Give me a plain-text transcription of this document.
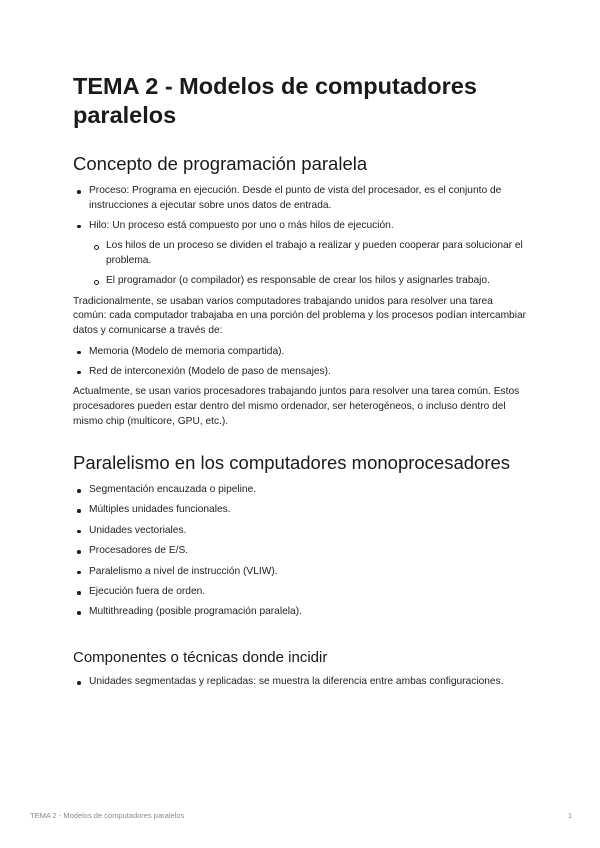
TEMA 2 - Modelos de computadores paralelos
Concepto de programación paralela
Proceso: Programa en ejecución. Desde el punto de vista del procesador, es el conjunto de instrucciones a ejecutar sobre unos datos de entrada.
Hilo: Un proceso está compuesto por uno o más hilos de ejecución.
Los hilos de un proceso se dividen el trabajo a realizar y pueden cooperar para solucionar el problema.
El programador (o compilador) es responsable de crear los hilos y asignarles trabajo.

Tradicionalmente, se usaban varios computadores trabajando unidos para resolver una tarea común: cada computador trabajaba en una porción del problema y los procesos podían intercambiar datos y comunicarse a través de:

Memoria (Modelo de memoria compartida).
Red de interconexión (Modelo de paso de mensajes).

Actualmente, se usan varios procesadores trabajando juntos para resolver una tarea común. Estos procesadores pueden estar dentro del mismo ordenador, ser heterogéneos, o incluso dentro del mismo chip (multicore, GPU, etc.).

Paralelismo en los computadores monoprocesadores
Segmentación encauzada o pipeline.
Múltiples unidades funcionales.
Unidades vectoriales.
Procesadores de E/S.
Paralelismo a nivel de instrucción (VLIW).
Ejecución fuera de orden.
Multithreading (posible programación paralela).
Componentes o técnicas donde incidir
Unidades segmentadas y replicadas: se muestra la diferencia entre ambas configuraciones.
TEMA 2 - Modelos de computadores paralelos	1
